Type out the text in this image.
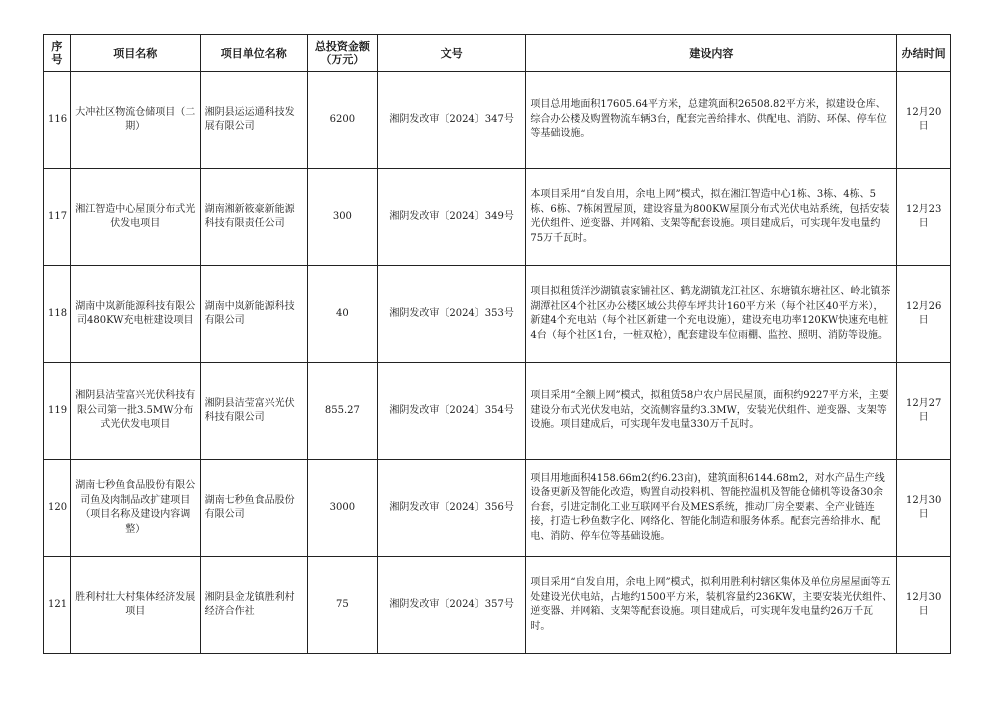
序号	项目名称	项目单位名称	总投资金额（万元）	文号	建设内容	办结时间
116	大冲社区物流仓储项目（二期）	湘阴县运运通科技发展有限公司	6200	湘阴发改审〔2024〕347号	项目总用地面积17605.64平方米，总建筑面积26508.82平方米，拟建设仓库、综合办公楼及购置物流车辆3台，配套完善给排水、供配电、消防、环保、停车位等基础设施。	12月20日
117	湘江智造中心屋顶分布式光伏发电项目	湖南湘新筱豪新能源科技有限责任公司	300	湘阴发改审〔2024〕349号	本项目采用“自发自用，余电上网”模式，拟在湘江智造中心1栋、3栋、4栋、5栋、6栋、7栋闲置屋顶，建设容量为800KW屋顶分布式光伏电站系统，包括安装光伏组件、逆变器、并网箱、支架等配套设施。项目建成后，可实现年发电量约75万千瓦时。	12月23日
118	湖南中岚新能源科技有限公司480KW充电桩建设项目	湖南中岚新能源科技有限公司	40	湘阴发改审〔2024〕353号	项目拟租赁洋沙湖镇袁家铺社区、鹤龙湖镇龙江社区、东塘镇东塘社区、岭北镇茶湖潭社区4个社区办公楼区域公共停车坪共计160平方米（每个社区40平方米），新建4个充电站（每个社区新建一个充电设施），建设充电功率120KW快速充电桩4台（每个社区1台，一桩双枪），配套建设车位雨棚、监控、照明、消防等设施。	12月26日
119	湘阴县洁莹富兴光伏科技有限公司第一批3.5MW分布式光伏发电项目	湘阴县洁莹富兴光伏科技有限公司	855.27	湘阴发改审〔2024〕354号	项目采用“全额上网”模式，拟租赁58户农户居民屋顶，面积约9227平方米，主要建设分布式光伏发电站，交流侧容量约3.3MW，安装光伏组件、逆变器、支架等设施。项目建成后，可实现年发电量330万千瓦时。	12月27日
120	湖南七秒鱼食品股份有限公司鱼及肉制品改扩建项目（项目名称及建设内容调整）	湖南七秒鱼食品股份有限公司	3000	湘阴发改审〔2024〕356号	项目用地面积4158.66m2(约6.23亩)，建筑面积6144.68m2，对水产品生产线设备更新及智能化改造，购置自动投料机、智能控温机及智能仓储机等设备30余台套，引进定制化工业互联网平台及MES系统，推动厂房全要素、全产业链连接，打造七秒鱼数字化、网络化、智能化制造和服务体系。配套完善给排水、配电、消防、停车位等基础设施。	12月30日
121	胜利村壮大村集体经济发展项目	湘阴县金龙镇胜利村经济合作社	75	湘阴发改审〔2024〕357号	项目采用“自发自用，余电上网”模式，拟利用胜利村辖区集体及单位房屋屋面等五处建设光伏电站，占地约1500平方米，装机容量约236KW，主要安装光伏组件、逆变器、并网箱、支架等配套设施。项目建成后，可实现年发电量约26万千瓦时。	12月30日
